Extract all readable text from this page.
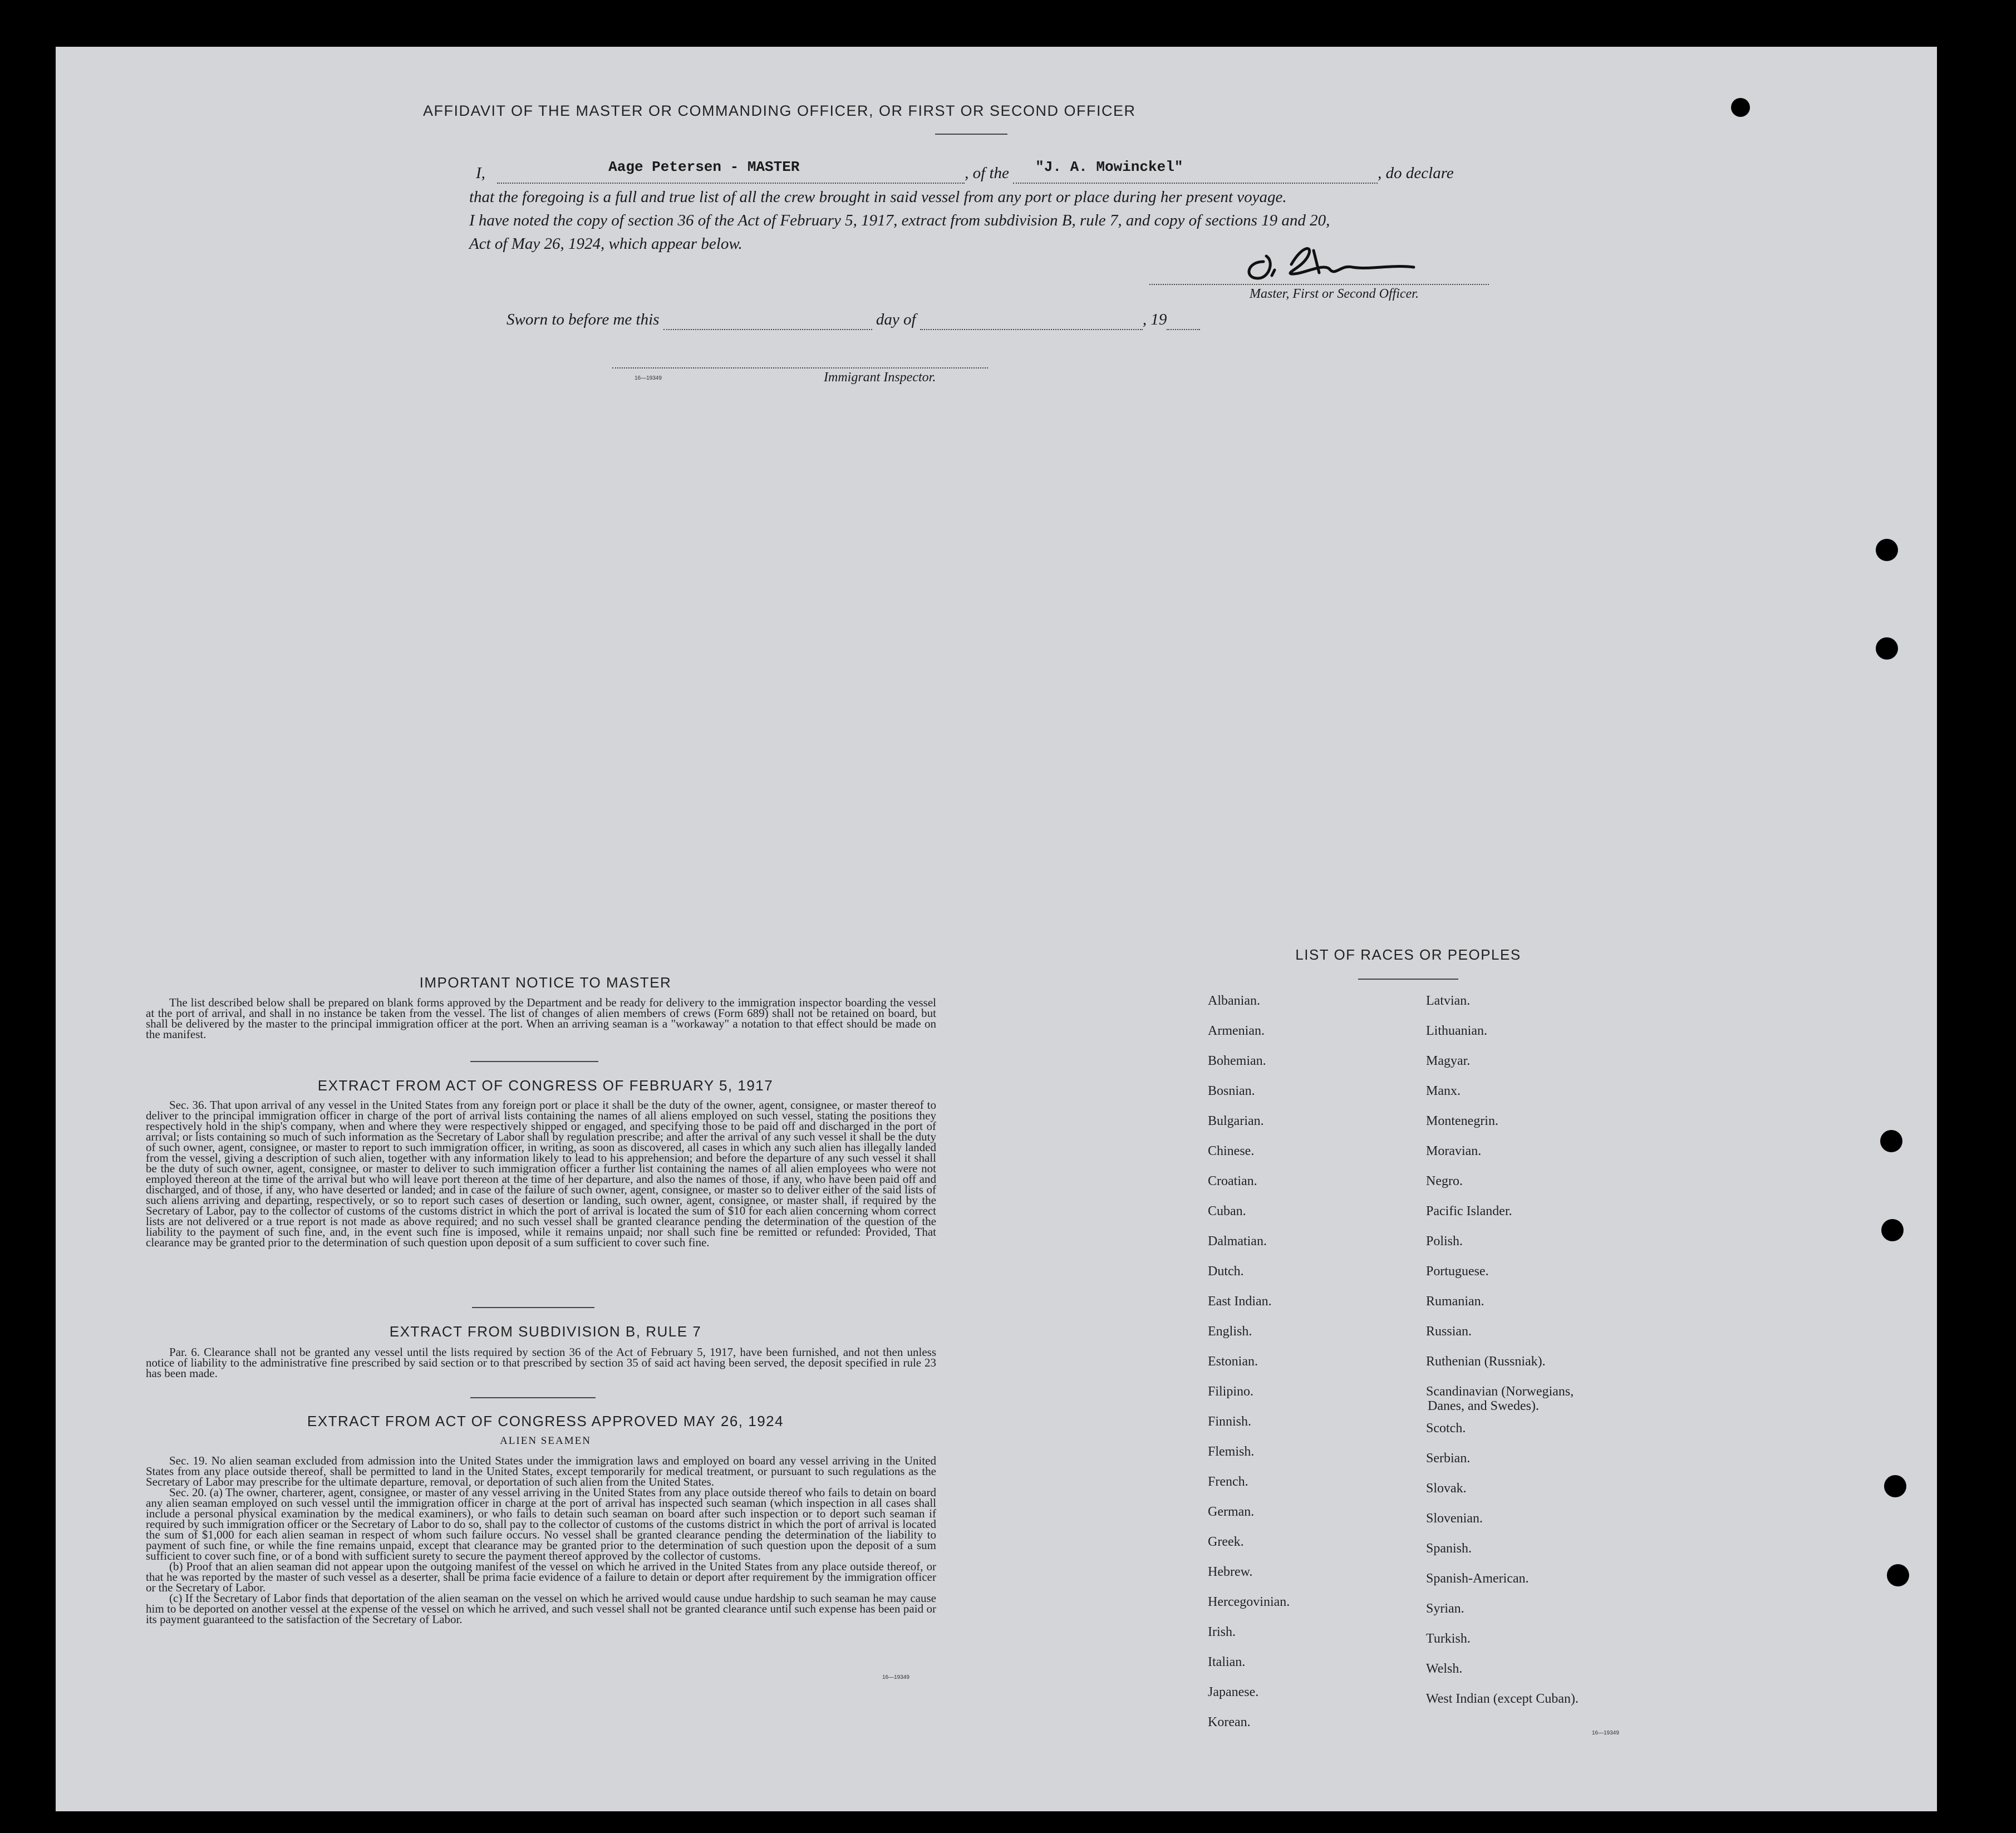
AFFIDAVIT OF THE MASTER OR COMMANDING OFFICER, OR FIRST OR SECOND OFFICER
I,	Aage Petersen - MASTER	, of the "J. A. Mowinckel"	, do declare
that the foregoing is a full and true list of all the crew brought in said vessel from any port or place during her present voyage.
I have noted the copy of section 36 of the Act of February 5, 1917, extract from subdivision B, rule 7, and copy of sections 19 and 20,
Act of May 26, 1924, which appear below.
Master, First or Second Officer.
Sworn to before me this	day of	, 19
16—19349	Immigrant Inspector.
IMPORTANT NOTICE TO MASTER

The list described below shall be prepared on blank forms approved by the Department and be ready for delivery to the immigration inspector boarding the vessel at the port of arrival, and shall in no instance be taken from the vessel. The list of changes of alien members of crews (Form 689) shall not be retained on board, but shall be delivered by the master to the principal immigration officer at the port. When an arriving seaman is a "workaway" a notation to that effect should be made on the manifest.

EXTRACT FROM ACT OF CONGRESS OF FEBRUARY 5, 1917

Sec. 36. That upon arrival of any vessel in the United States from any foreign port or place it shall be the duty of the owner, agent, consignee, or master thereof to deliver to the principal immigration officer in charge of the port of arrival lists containing the names of all aliens employed on such vessel, stating the positions they respectively hold in the ship's company, when and where they were respectively shipped or engaged, and specifying those to be paid off and discharged in the port of arrival; or lists containing so much of such information as the Secretary of Labor shall by regulation prescribe; and after the arrival of any such vessel it shall be the duty of such owner, agent, consignee, or master to report to such immigration officer, in writing, as soon as discovered, all cases in which any such alien has illegally landed from the vessel, giving a description of such alien, together with any information likely to lead to his apprehension; and before the departure of any such vessel it shall be the duty of such owner, agent, consignee, or master to deliver to such immigration officer a further list containing the names of all alien employees who were not employed thereon at the time of the arrival but who will leave port thereon at the time of her departure, and also the names of those, if any, who have been paid off and discharged, and of those, if any, who have deserted or landed; and in case of the failure of such owner, agent, consignee, or master so to deliver either of the said lists of such aliens arriving and departing, respectively, or so to report such cases of desertion or landing, such owner, agent, consignee, or master shall, if required by the Secretary of Labor, pay to the collector of customs of the customs district in which the port of arrival is located the sum of $10 for each alien concerning whom correct lists are not delivered or a true report is not made as above required; and no such vessel shall be granted clearance pending the determination of the question of the liability to the payment of such fine, and, in the event such fine is imposed, while it remains unpaid; nor shall such fine be remitted or refunded: Provided, That clearance may be granted prior to the determination of such question upon deposit of a sum sufficient to cover such fine.

EXTRACT FROM SUBDIVISION B, RULE 7

Par. 6. Clearance shall not be granted any vessel until the lists required by section 36 of the Act of February 5, 1917, have been furnished, and not then unless notice of liability to the administrative fine prescribed by said section or to that prescribed by section 35 of said act having been served, the deposit specified in rule 23 has been made.

EXTRACT FROM ACT OF CONGRESS APPROVED MAY 26, 1924
ALIEN SEAMEN

Sec. 19. No alien seaman excluded from admission into the United States under the immigration laws and employed on board any vessel arriving in the United States from any place outside thereof, shall be permitted to land in the United States, except temporarily for medical treatment, or pursuant to such regulations as the Secretary of Labor may prescribe for the ultimate departure, removal, or deportation of such alien from the United States.

Sec. 20. (a) The owner, charterer, agent, consignee, or master of any vessel arriving in the United States from any place outside thereof who fails to detain on board any alien seaman employed on such vessel until the immigration officer in charge at the port of arrival has inspected such seaman (which inspection in all cases shall include a personal physical examination by the medical examiners), or who fails to detain such seaman on board after such inspection or to deport such seaman if required by such immigration officer or the Secretary of Labor to do so, shall pay to the collector of customs of the customs district in which the port of arrival is located the sum of $1,000 for each alien seaman in respect of whom such failure occurs. No vessel shall be granted clearance pending the determination of the liability to payment of such fine, or while the fine remains unpaid, except that clearance may be granted prior to the determination of such question upon the deposit of a sum sufficient to cover such fine, or of a bond with sufficient surety to secure the payment thereof approved by the collector of customs.

(b) Proof that an alien seaman did not appear upon the outgoing manifest of the vessel on which he arrived in the United States from any place outside thereof, or that he was reported by the master of such vessel as a deserter, shall be prima facie evidence of a failure to detain or deport after requirement by the immigration officer or the Secretary of Labor.

(c) If the Secretary of Labor finds that deportation of the alien seaman on the vessel on which he arrived would cause undue hardship to such seaman he may cause him to be deported on another vessel at the expense of the vessel on which he arrived, and such vessel shall not be granted clearance until such expense has been paid or its payment guaranteed to the satisfaction of the Secretary of Labor.

16—19349
LIST OF RACES OR PEOPLES
Albanian.
Armenian.
Bohemian.
Bosnian.
Bulgarian.
Chinese.
Croatian.
Cuban.
Dalmatian.
Dutch.
East Indian.
English.
Estonian.
Filipino.
Finnish.
Flemish.
French.
German.
Greek.
Hebrew.
Hercegovinian.
Irish.
Italian.
Japanese.
Korean.
Latvian.
Lithuanian.
Magyar.
Manx.
Montenegrin.
Moravian.
Negro.
Pacific Islander.
Polish.
Portuguese.
Rumanian.
Russian.
Ruthenian (Russniak).
Scandinavian (Norwegians,
Danes, and Swedes).
Scotch.
Serbian.
Slovak.
Slovenian.
Spanish.
Spanish-American.
Syrian.
Turkish.
Welsh.
West Indian (except Cuban).
16—19349
